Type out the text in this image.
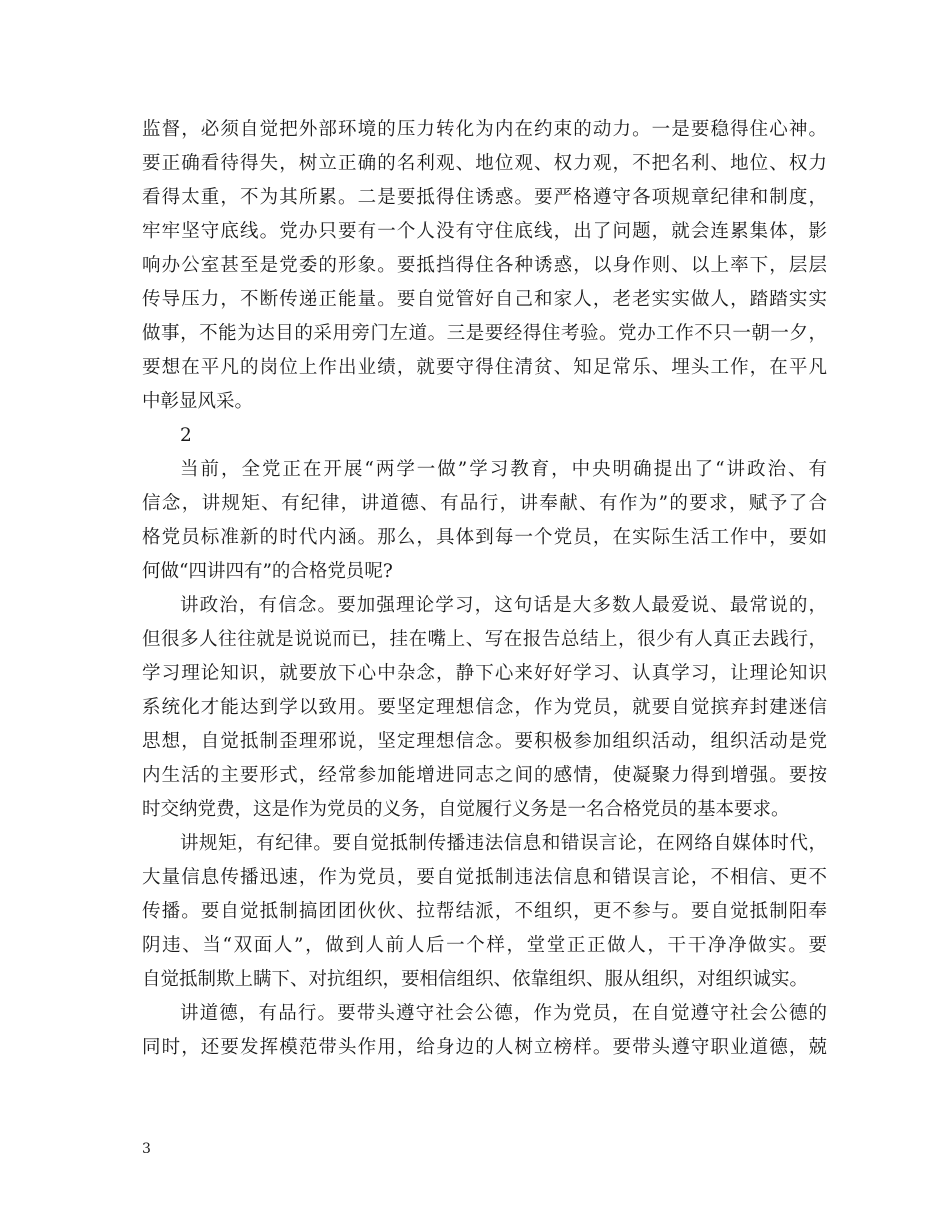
监督，必须自觉把外部环境的压力转化为内在约束的动力。一是要稳得住心神。
要正确看待得失，树立正确的名利观、地位观、权力观，不把名利、地位、权力
看得太重，不为其所累。二是要抵得住诱惑。要严格遵守各项规章纪律和制度，
牢牢坚守底线。党办只要有一个人没有守住底线，出了问题，就会连累集体，影
响办公室甚至是党委的形象。要抵挡得住各种诱惑，以身作则、以上率下，层层
传导压力，不断传递正能量。要自觉管好自己和家人，老老实实做人，踏踏实实
做事，不能为达目的采用旁门左道。三是要经得住考验。党办工作不只一朝一夕，
要想在平凡的岗位上作出业绩，就要守得住清贫、知足常乐、埋头工作，在平凡
中彰显风采。
2
当前，全党正在开展“两学一做”学习教育，中央明确提出了“讲政治、有
信念，讲规矩、有纪律，讲道德、有品行，讲奉献、有作为”的要求，赋予了合
格党员标准新的时代内涵。那么，具体到每一个党员，在实际生活工作中，要如
何做“四讲四有”的合格党员呢?
讲政治，有信念。要加强理论学习，这句话是大多数人最爱说、最常说的，
但很多人往往就是说说而已，挂在嘴上、写在报告总结上，很少有人真正去践行，
学习理论知识，就要放下心中杂念，静下心来好好学习、认真学习，让理论知识
系统化才能达到学以致用。要坚定理想信念，作为党员，就要自觉摈弃封建迷信
思想，自觉抵制歪理邪说，坚定理想信念。要积极参加组织活动，组织活动是党
内生活的主要形式，经常参加能增进同志之间的感情，使凝聚力得到增强。要按
时交纳党费，这是作为党员的义务，自觉履行义务是一名合格党员的基本要求。
讲规矩，有纪律。要自觉抵制传播违法信息和错误言论，在网络自媒体时代，
大量信息传播迅速，作为党员，要自觉抵制违法信息和错误言论，不相信、更不
传播。要自觉抵制搞团团伙伙、拉帮结派，不组织，更不参与。要自觉抵制阳奉
阴违、当“双面人”，做到人前人后一个样，堂堂正正做人，干干净净做实。要
自觉抵制欺上瞒下、对抗组织，要相信组织、依靠组织、服从组织，对组织诚实。
讲道德，有品行。要带头遵守社会公德，作为党员，在自觉遵守社会公德的
同时，还要发挥模范带头作用，给身边的人树立榜样。要带头遵守职业道德，兢
3
